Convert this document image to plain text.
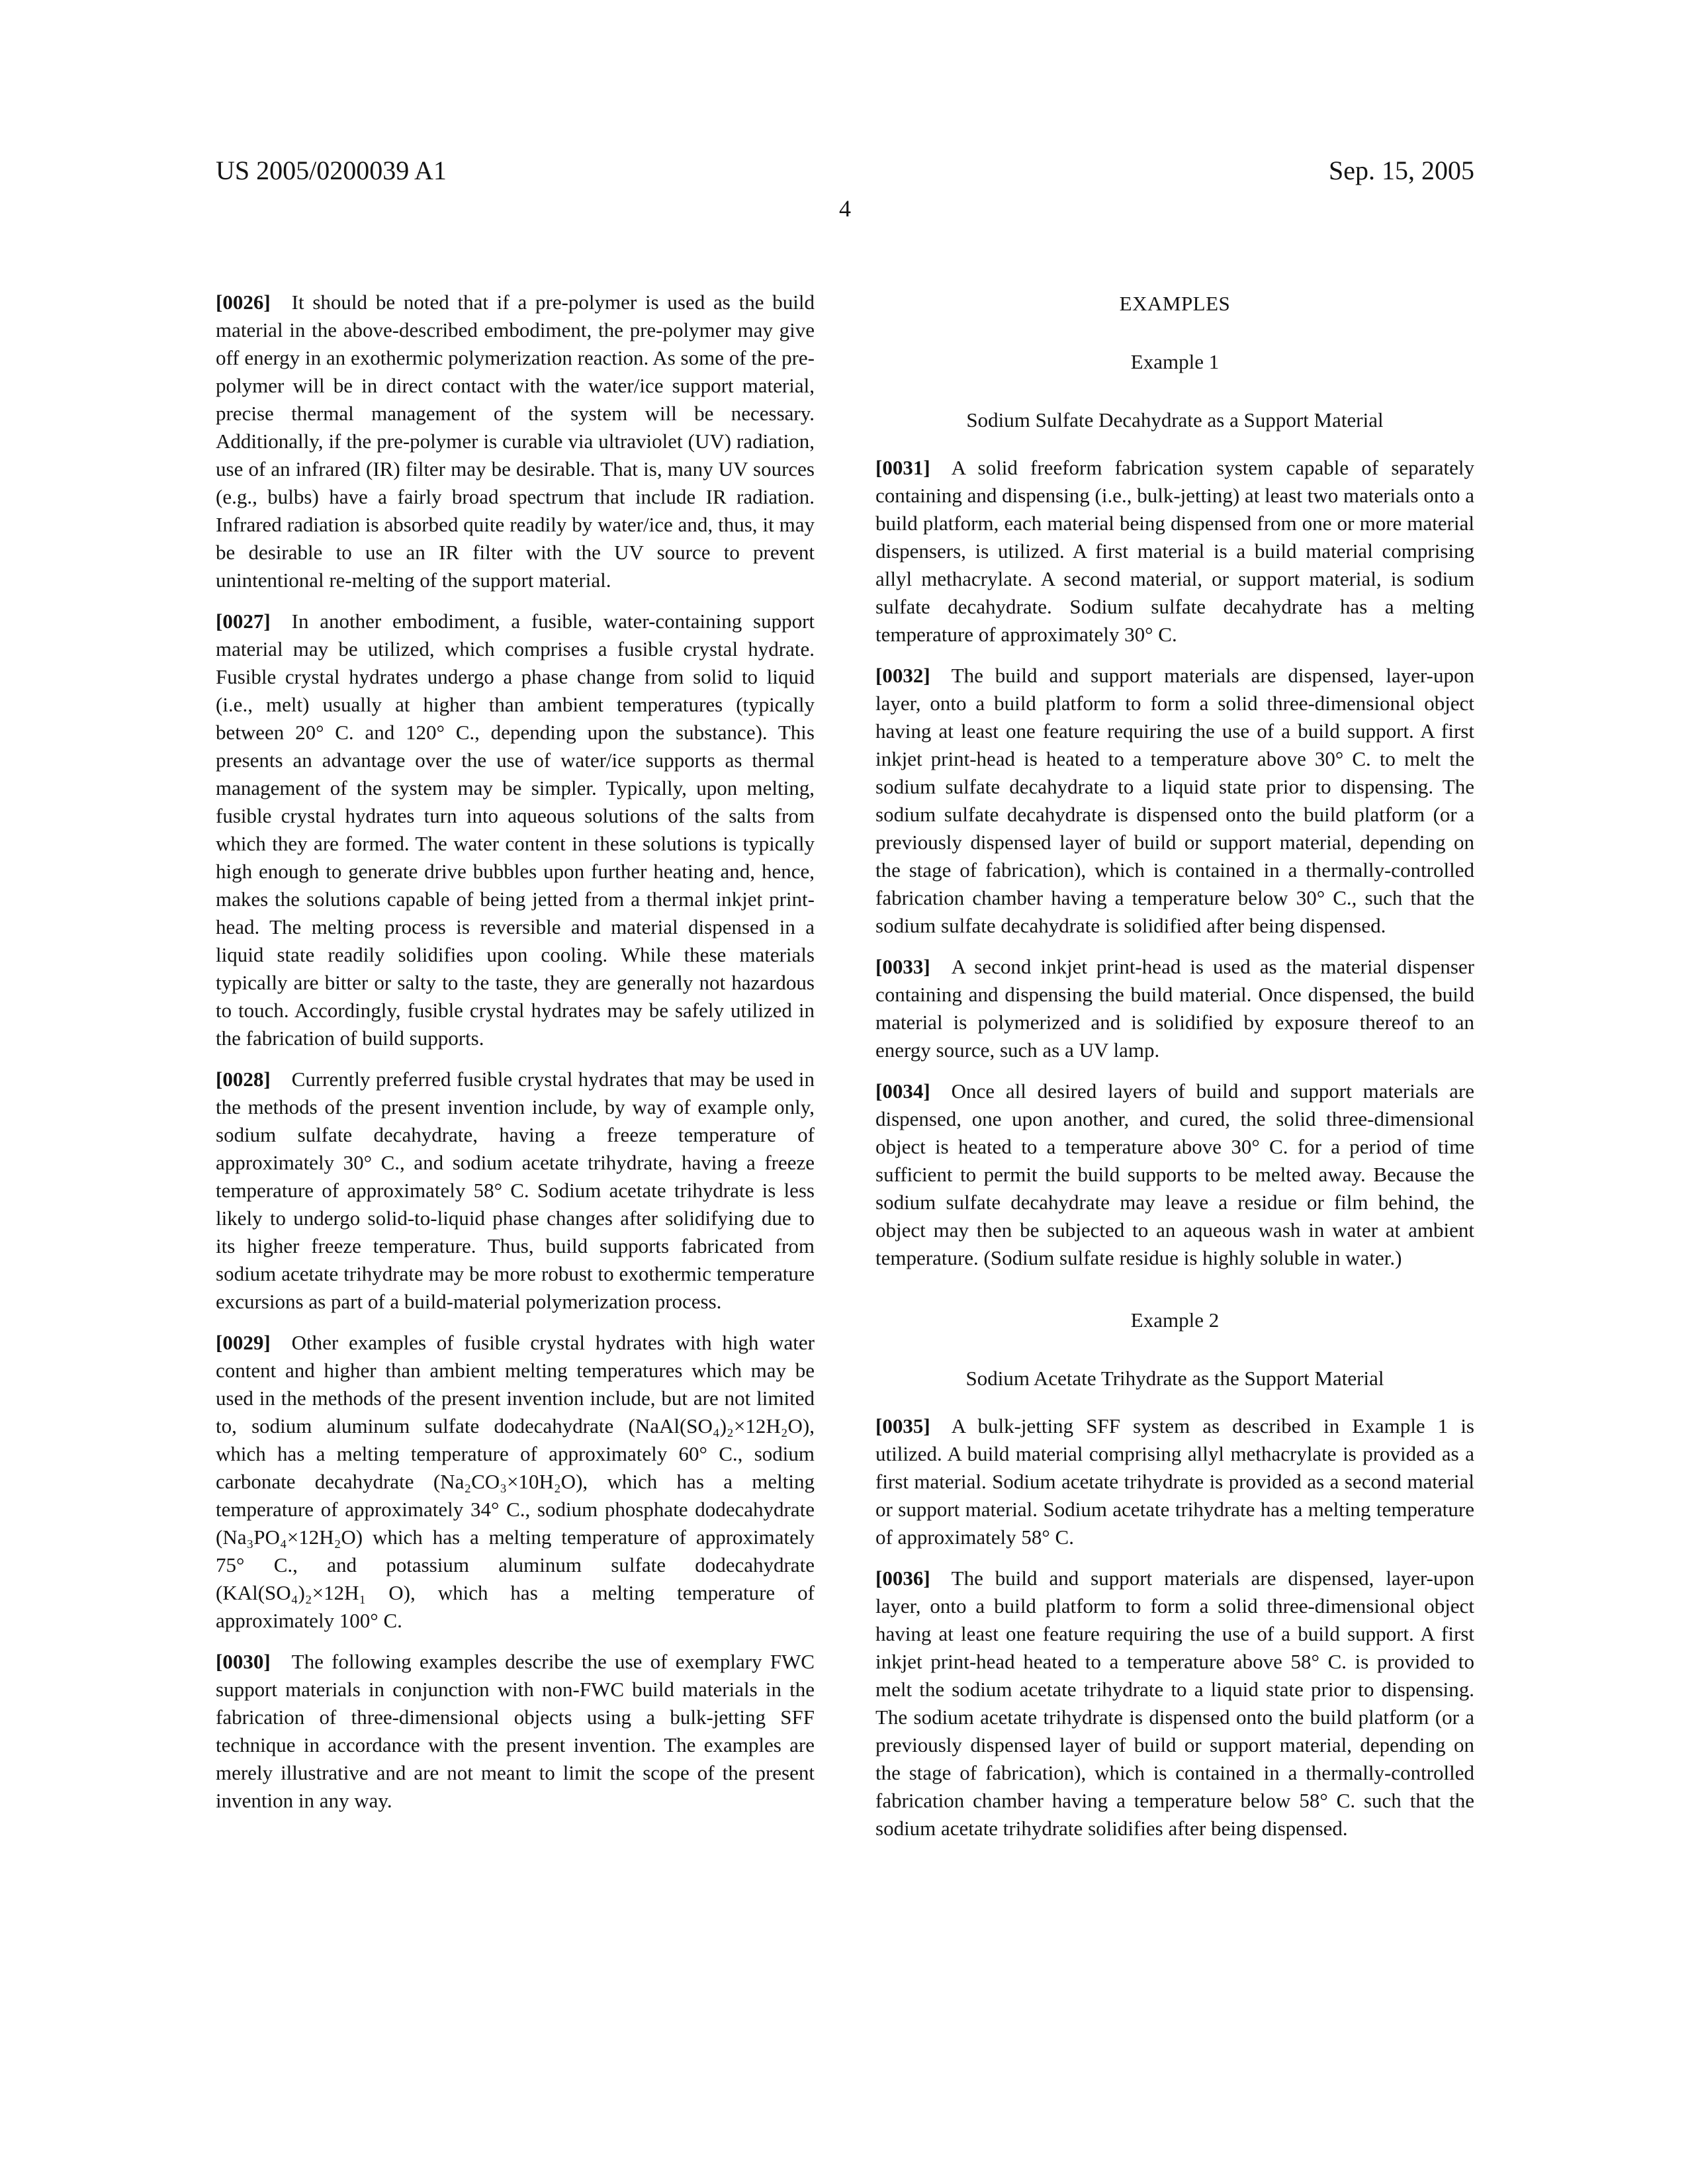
US 2005/0200039 A1	Sep. 15, 2005
4

[0026] It should be noted that if a pre-polymer is used as the build material in the above-described embodiment, the pre-polymer may give off energy in an exothermic polymerization reaction. As some of the pre-polymer will be in direct contact with the water/ice support material, precise thermal management of the system will be necessary. Additionally, if the pre-polymer is curable via ultraviolet (UV) radiation, use of an infrared (IR) filter may be desirable. That is, many UV sources (e.g., bulbs) have a fairly broad spectrum that include IR radiation. Infrared radiation is absorbed quite readily by water/ice and, thus, it may be desirable to use an IR filter with the UV source to prevent unintentional re-melting of the support material.

[0027] In another embodiment, a fusible, water-containing support material may be utilized, which comprises a fusible crystal hydrate. Fusible crystal hydrates undergo a phase change from solid to liquid (i.e., melt) usually at higher than ambient temperatures (typically between 20° C. and 120° C., depending upon the substance). This presents an advantage over the use of water/ice supports as thermal management of the system may be simpler. Typically, upon melting, fusible crystal hydrates turn into aqueous solutions of the salts from which they are formed. The water content in these solutions is typically high enough to generate drive bubbles upon further heating and, hence, makes the solutions capable of being jetted from a thermal inkjet print-head. The melting process is reversible and material dispensed in a liquid state readily solidifies upon cooling. While these materials typically are bitter or salty to the taste, they are generally not hazardous to touch. Accordingly, fusible crystal hydrates may be safely utilized in the fabrication of build supports.

[0028] Currently preferred fusible crystal hydrates that may be used in the methods of the present invention include, by way of example only, sodium sulfate decahydrate, having a freeze temperature of approximately 30° C., and sodium acetate trihydrate, having a freeze temperature of approximately 58° C. Sodium acetate trihydrate is less likely to undergo solid-to-liquid phase changes after solidifying due to its higher freeze temperature. Thus, build supports fabricated from sodium acetate trihydrate may be more robust to exothermic temperature excursions as part of a build-material polymerization process.

[0029] Other examples of fusible crystal hydrates with high water content and higher than ambient melting temperatures which may be used in the methods of the present invention include, but are not limited to, sodium aluminum sulfate dodecahydrate (NaAl(SO₄)₂×12H₂O), which has a melting temperature of approximately 60° C., sodium carbonate decahydrate (Na₂CO₃×10H₂O), which has a melting temperature of approximately 34° C., sodium phosphate dodecahydrate (Na₃PO₄×12H₂O) which has a melting temperature of approximately 75° C., and potassium aluminum sulfate dodecahydrate (KAl(SO₄)₂×12H₁ O), which has a melting temperature of approximately 100° C.

[0030] The following examples describe the use of exemplary FWC support materials in conjunction with non-FWC build materials in the fabrication of three-dimensional objects using a bulk-jetting SFF technique in accordance with the present invention. The examples are merely illustrative and are not meant to limit the scope of the present invention in any way.

EXAMPLES
Example 1
Sodium Sulfate Decahydrate as a Support Material

[0031] A solid freeform fabrication system capable of separately containing and dispensing (i.e., bulk-jetting) at least two materials onto a build platform, each material being dispensed from one or more material dispensers, is utilized. A first material is a build material comprising allyl methacrylate. A second material, or support material, is sodium sulfate decahydrate. Sodium sulfate decahydrate has a melting temperature of approximately 30° C.

[0032] The build and support materials are dispensed, layer-upon layer, onto a build platform to form a solid three-dimensional object having at least one feature requiring the use of a build support. A first inkjet print-head is heated to a temperature above 30° C. to melt the sodium sulfate decahydrate to a liquid state prior to dispensing. The sodium sulfate decahydrate is dispensed onto the build platform (or a previously dispensed layer of build or support material, depending on the stage of fabrication), which is contained in a thermally-controlled fabrication chamber having a temperature below 30° C., such that the sodium sulfate decahydrate is solidified after being dispensed.

[0033] A second inkjet print-head is used as the material dispenser containing and dispensing the build material. Once dispensed, the build material is polymerized and is solidified by exposure thereof to an energy source, such as a UV lamp.

[0034] Once all desired layers of build and support materials are dispensed, one upon another, and cured, the solid three-dimensional object is heated to a temperature above 30° C. for a period of time sufficient to permit the build supports to be melted away. Because the sodium sulfate decahydrate may leave a residue or film behind, the object may then be subjected to an aqueous wash in water at ambient temperature. (Sodium sulfate residue is highly soluble in water.)

Example 2
Sodium Acetate Trihydrate as the Support Material

[0035] A bulk-jetting SFF system as described in Example 1 is utilized. A build material comprising allyl methacrylate is provided as a first material. Sodium acetate trihydrate is provided as a second material or support material. Sodium acetate trihydrate has a melting temperature of approximately 58° C.

[0036] The build and support materials are dispensed, layer-upon layer, onto a build platform to form a solid three-dimensional object having at least one feature requiring the use of a build support. A first inkjet print-head heated to a temperature above 58° C. is provided to melt the sodium acetate trihydrate to a liquid state prior to dispensing. The sodium acetate trihydrate is dispensed onto the build platform (or a previously dispensed layer of build or support material, depending on the stage of fabrication), which is contained in a thermally-controlled fabrication chamber having a temperature below 58° C. such that the sodium acetate trihydrate solidifies after being dispensed.
